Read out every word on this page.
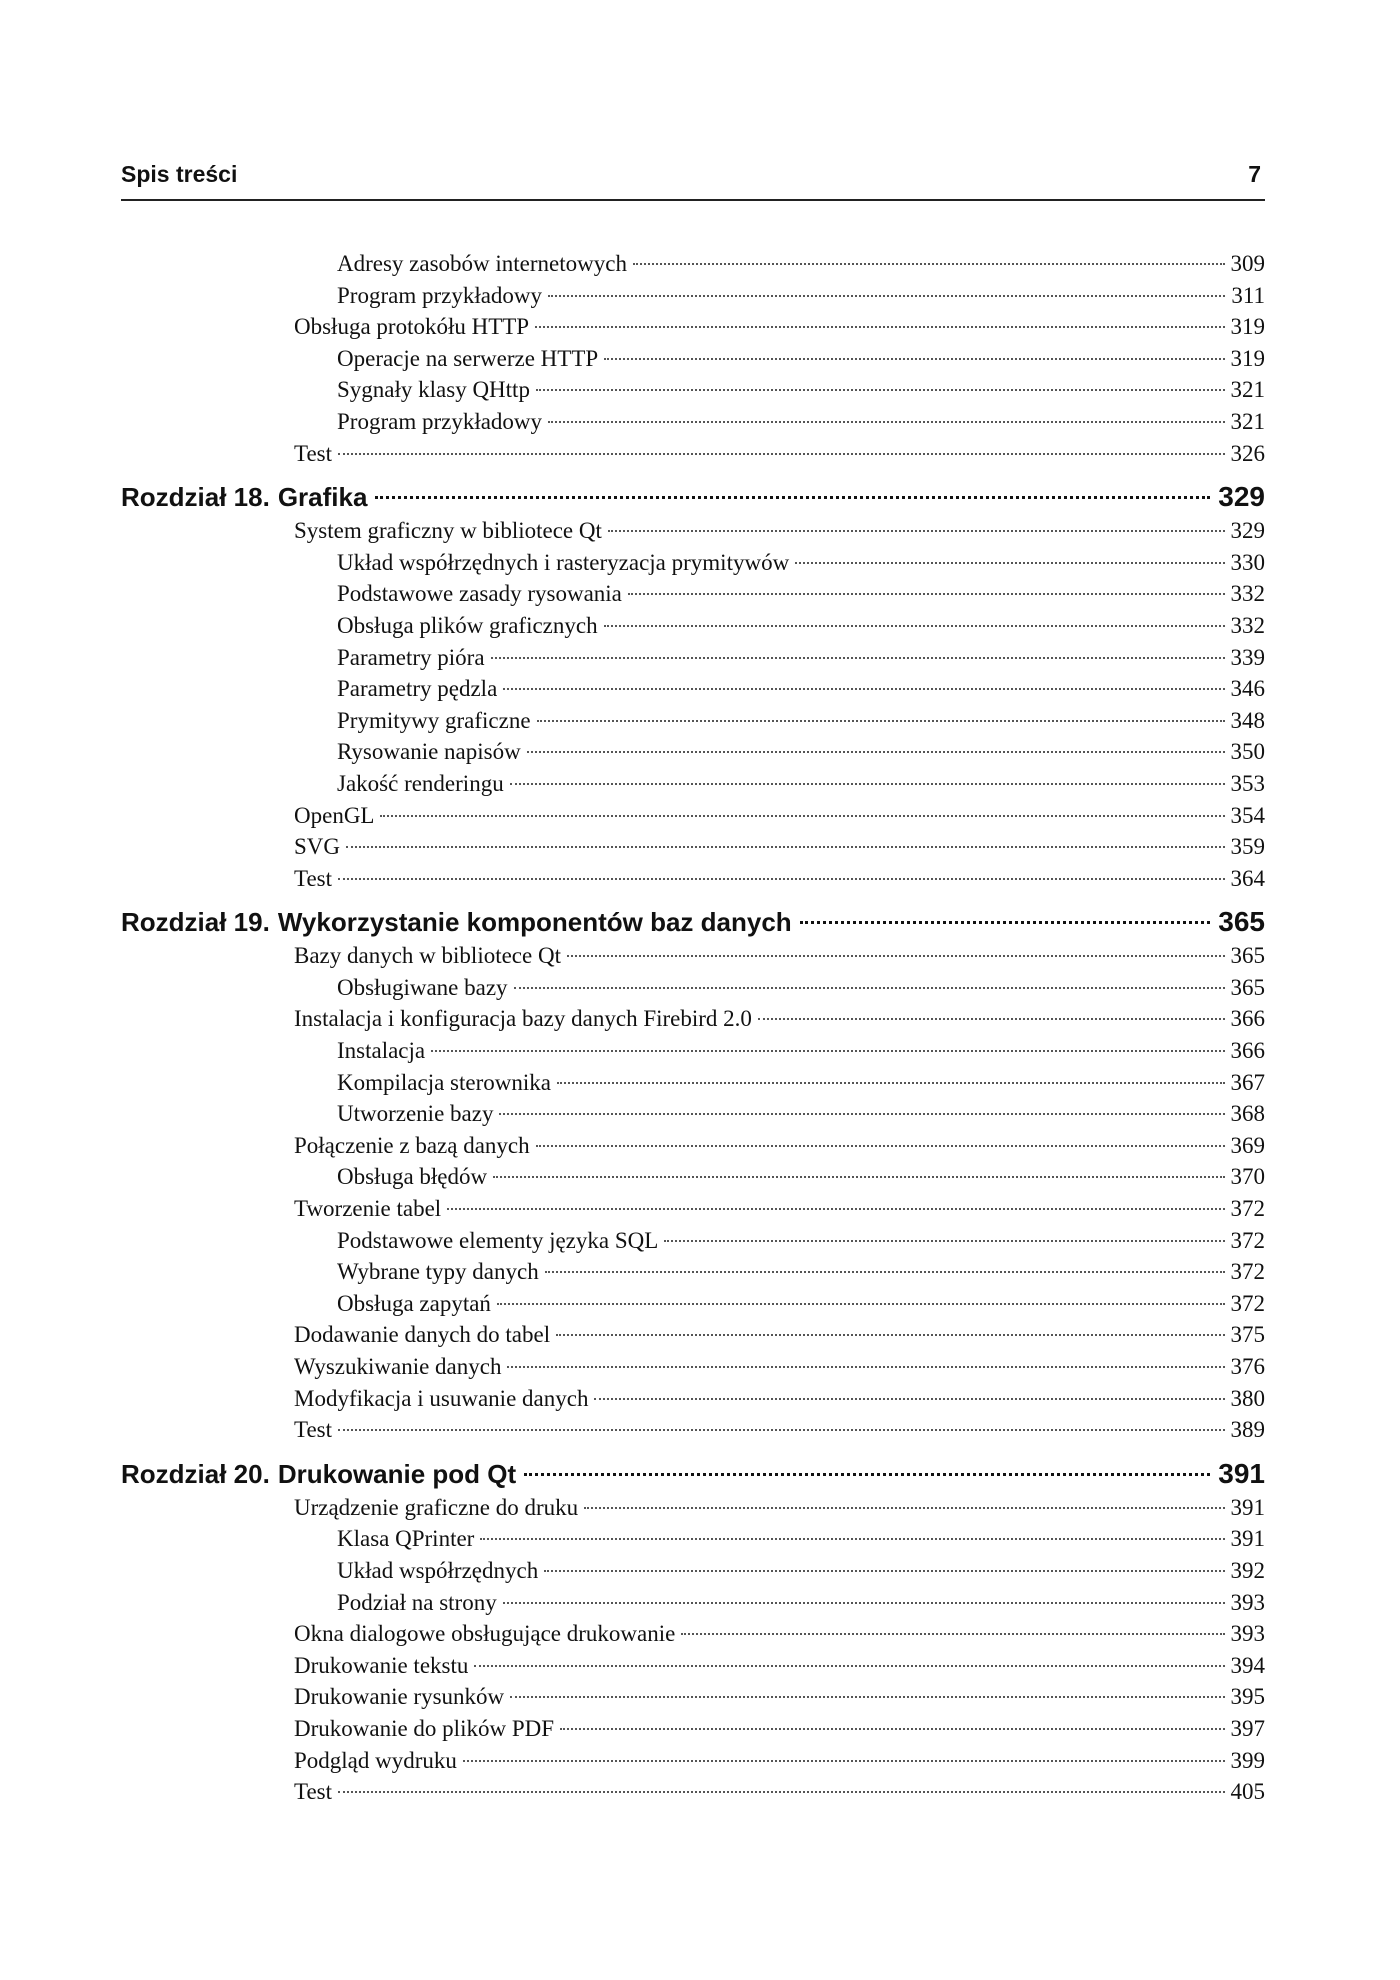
Spis treści	7
Adresy zasobów internetowych	309
Program przykładowy	311
Obsługa protokółu HTTP	319
Operacje na serwerze HTTP	319
Sygnały klasy QHttp	321
Program przykładowy	321
Test	326
Rozdział 18. Grafika	329
System graficzny w bibliotece Qt	329
Układ współrzędnych i rasteryzacja prymitywów	330
Podstawowe zasady rysowania	332
Obsługa plików graficznych	332
Parametry pióra	339
Parametry pędzla	346
Prymitywy graficzne	348
Rysowanie napisów	350
Jakość renderingu	353
OpenGL	354
SVG	359
Test	364
Rozdział 19. Wykorzystanie komponentów baz danych	365
Bazy danych w bibliotece Qt	365
Obsługiwane bazy	365
Instalacja i konfiguracja bazy danych Firebird 2.0	366
Instalacja	366
Kompilacja sterownika	367
Utworzenie bazy	368
Połączenie z bazą danych	369
Obsługa błędów	370
Tworzenie tabel	372
Podstawowe elementy języka SQL	372
Wybrane typy danych	372
Obsługa zapytań	372
Dodawanie danych do tabel	375
Wyszukiwanie danych	376
Modyfikacja i usuwanie danych	380
Test	389
Rozdział 20. Drukowanie pod Qt	391
Urządzenie graficzne do druku	391
Klasa QPrinter	391
Układ współrzędnych	392
Podział na strony	393
Okna dialogowe obsługujące drukowanie	393
Drukowanie tekstu	394
Drukowanie rysunków	395
Drukowanie do plików PDF	397
Podgląd wydruku	399
Test	405
